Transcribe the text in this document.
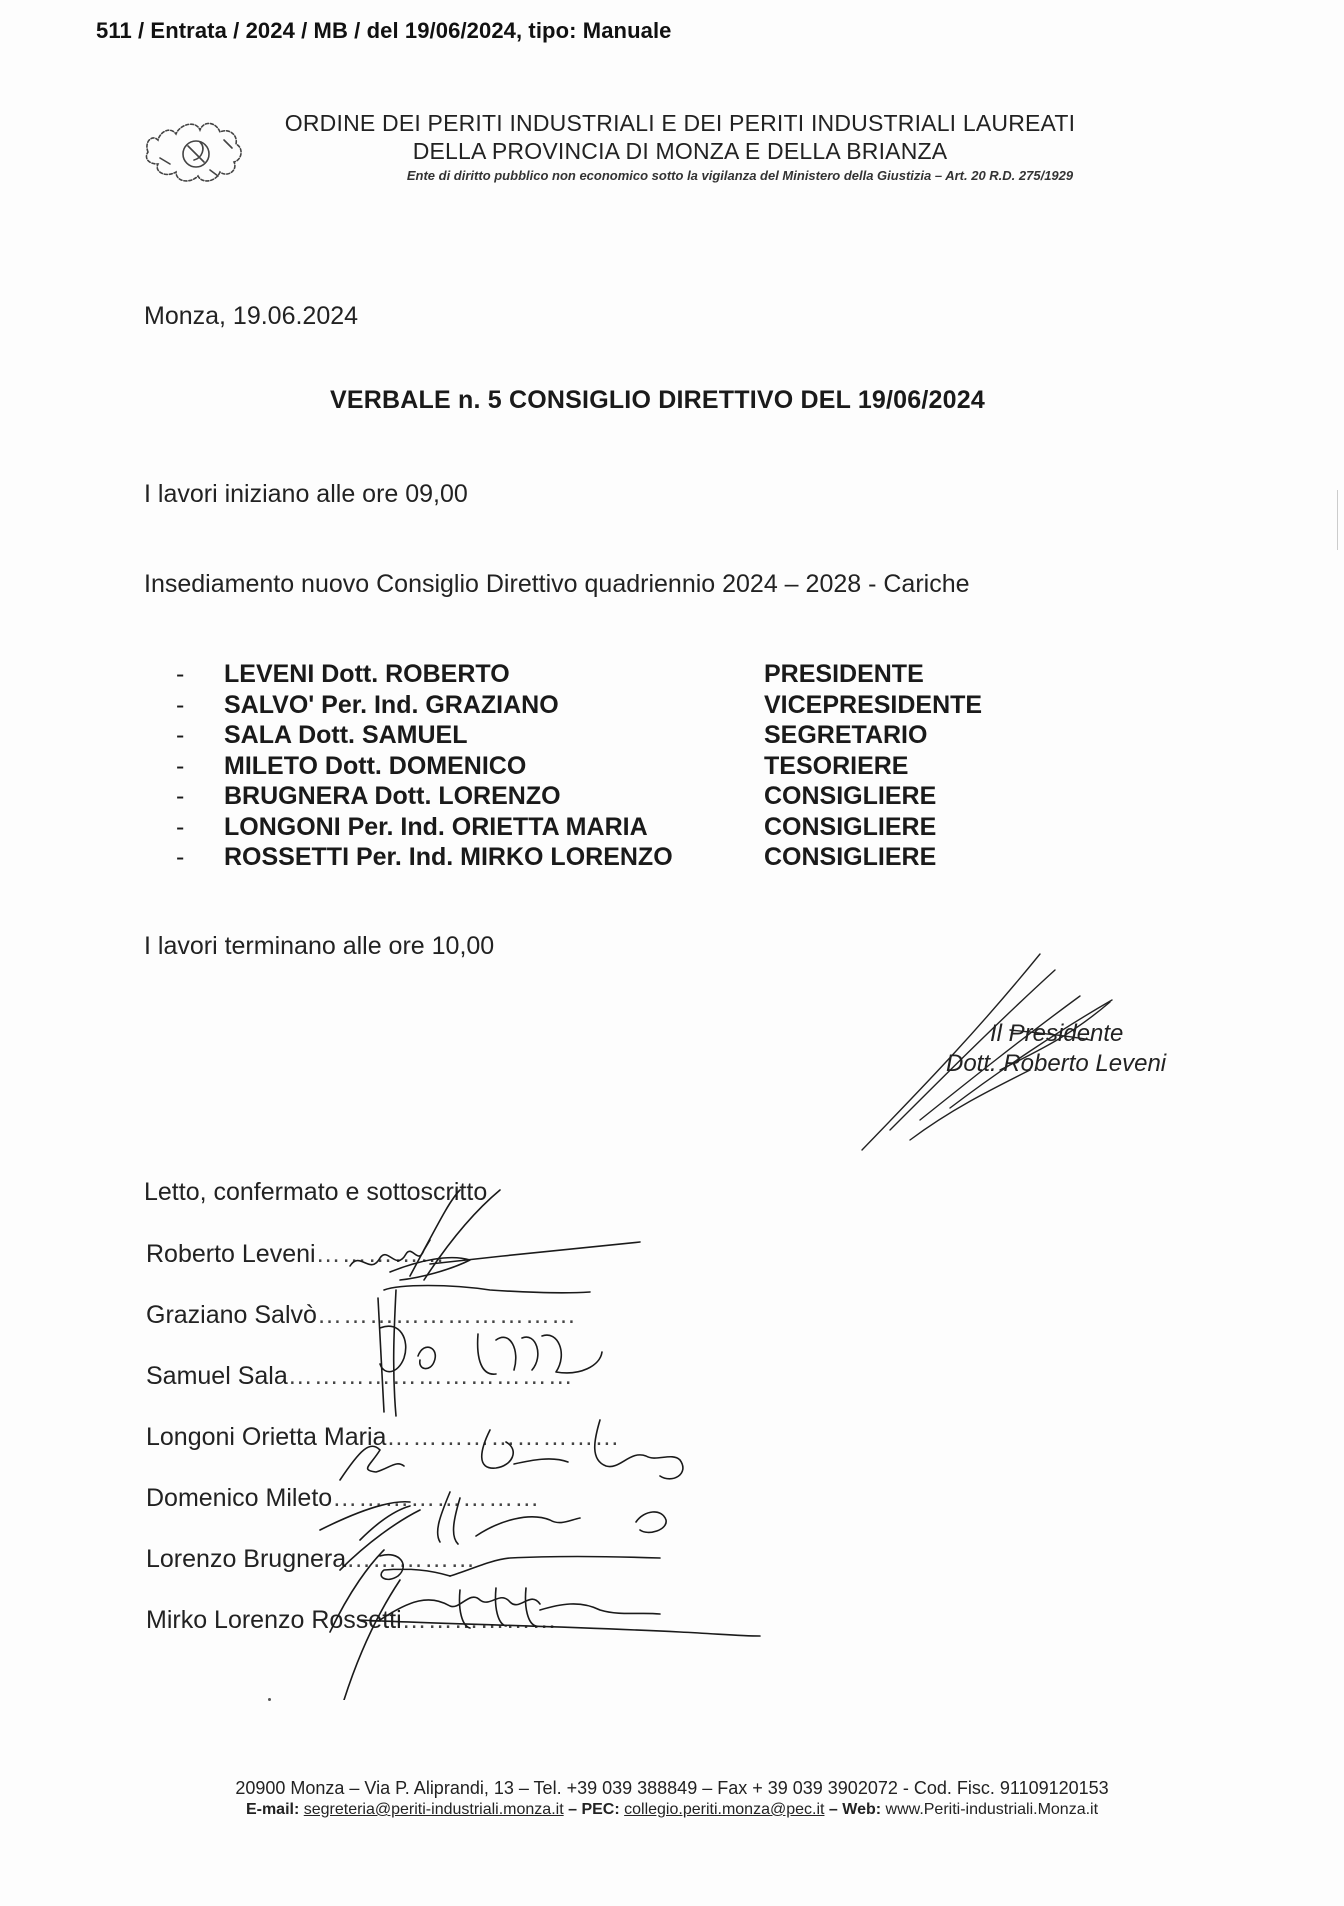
511 / Entrata / 2024 / MB / del 19/06/2024, tipo: Manuale
ORDINE DEI PERITI INDUSTRIALI E DEI PERITI INDUSTRIALI LAUREATI
DELLA PROVINCIA DI MONZA E DELLA BRIANZA
Ente di diritto pubblico non economico sotto la vigilanza del Ministero della Giustizia – Art. 20 R.D. 275/1929
Monza, 19.06.2024
VERBALE n. 5 CONSIGLIO DIRETTIVO DEL 19/06/2024
I lavori iniziano alle ore 09,00
Insediamento nuovo Consiglio Direttivo quadriennio 2024 – 2028 - Cariche
-	LEVENI Dott. ROBERTO	PRESIDENTE
-	SALVO' Per. Ind. GRAZIANO	VICEPRESIDENTE
-	SALA Dott. SAMUEL	SEGRETARIO
-	MILETO Dott. DOMENICO	TESORIERE
-	BRUGNERA Dott. LORENZO	CONSIGLIERE
-	LONGONI Per. Ind. ORIETTA MARIA	CONSIGLIERE
-	ROSSETTI Per. Ind. MIRKO LORENZO	CONSIGLIERE
I lavori terminano alle ore 10,00
Il Presidente
Dott. Roberto Leveni
Letto, confermato e sottoscritto
Roberto Leveni……………
Graziano Salvò…………………………
Samuel Sala……………………………
Longoni Orietta Maria………………………
Domenico Mileto……………………
Lorenzo Brugnera……………
Mirko Lorenzo Rossetti………………
20900 Monza – Via P. Aliprandi, 13 – Tel. +39 039 388849 – Fax + 39 039 3902072 - Cod. Fisc. 91109120153
E-mail: segreteria@periti-industriali.monza.it – PEC: collegio.periti.monza@pec.it – Web: www.Periti-industriali.Monza.it
